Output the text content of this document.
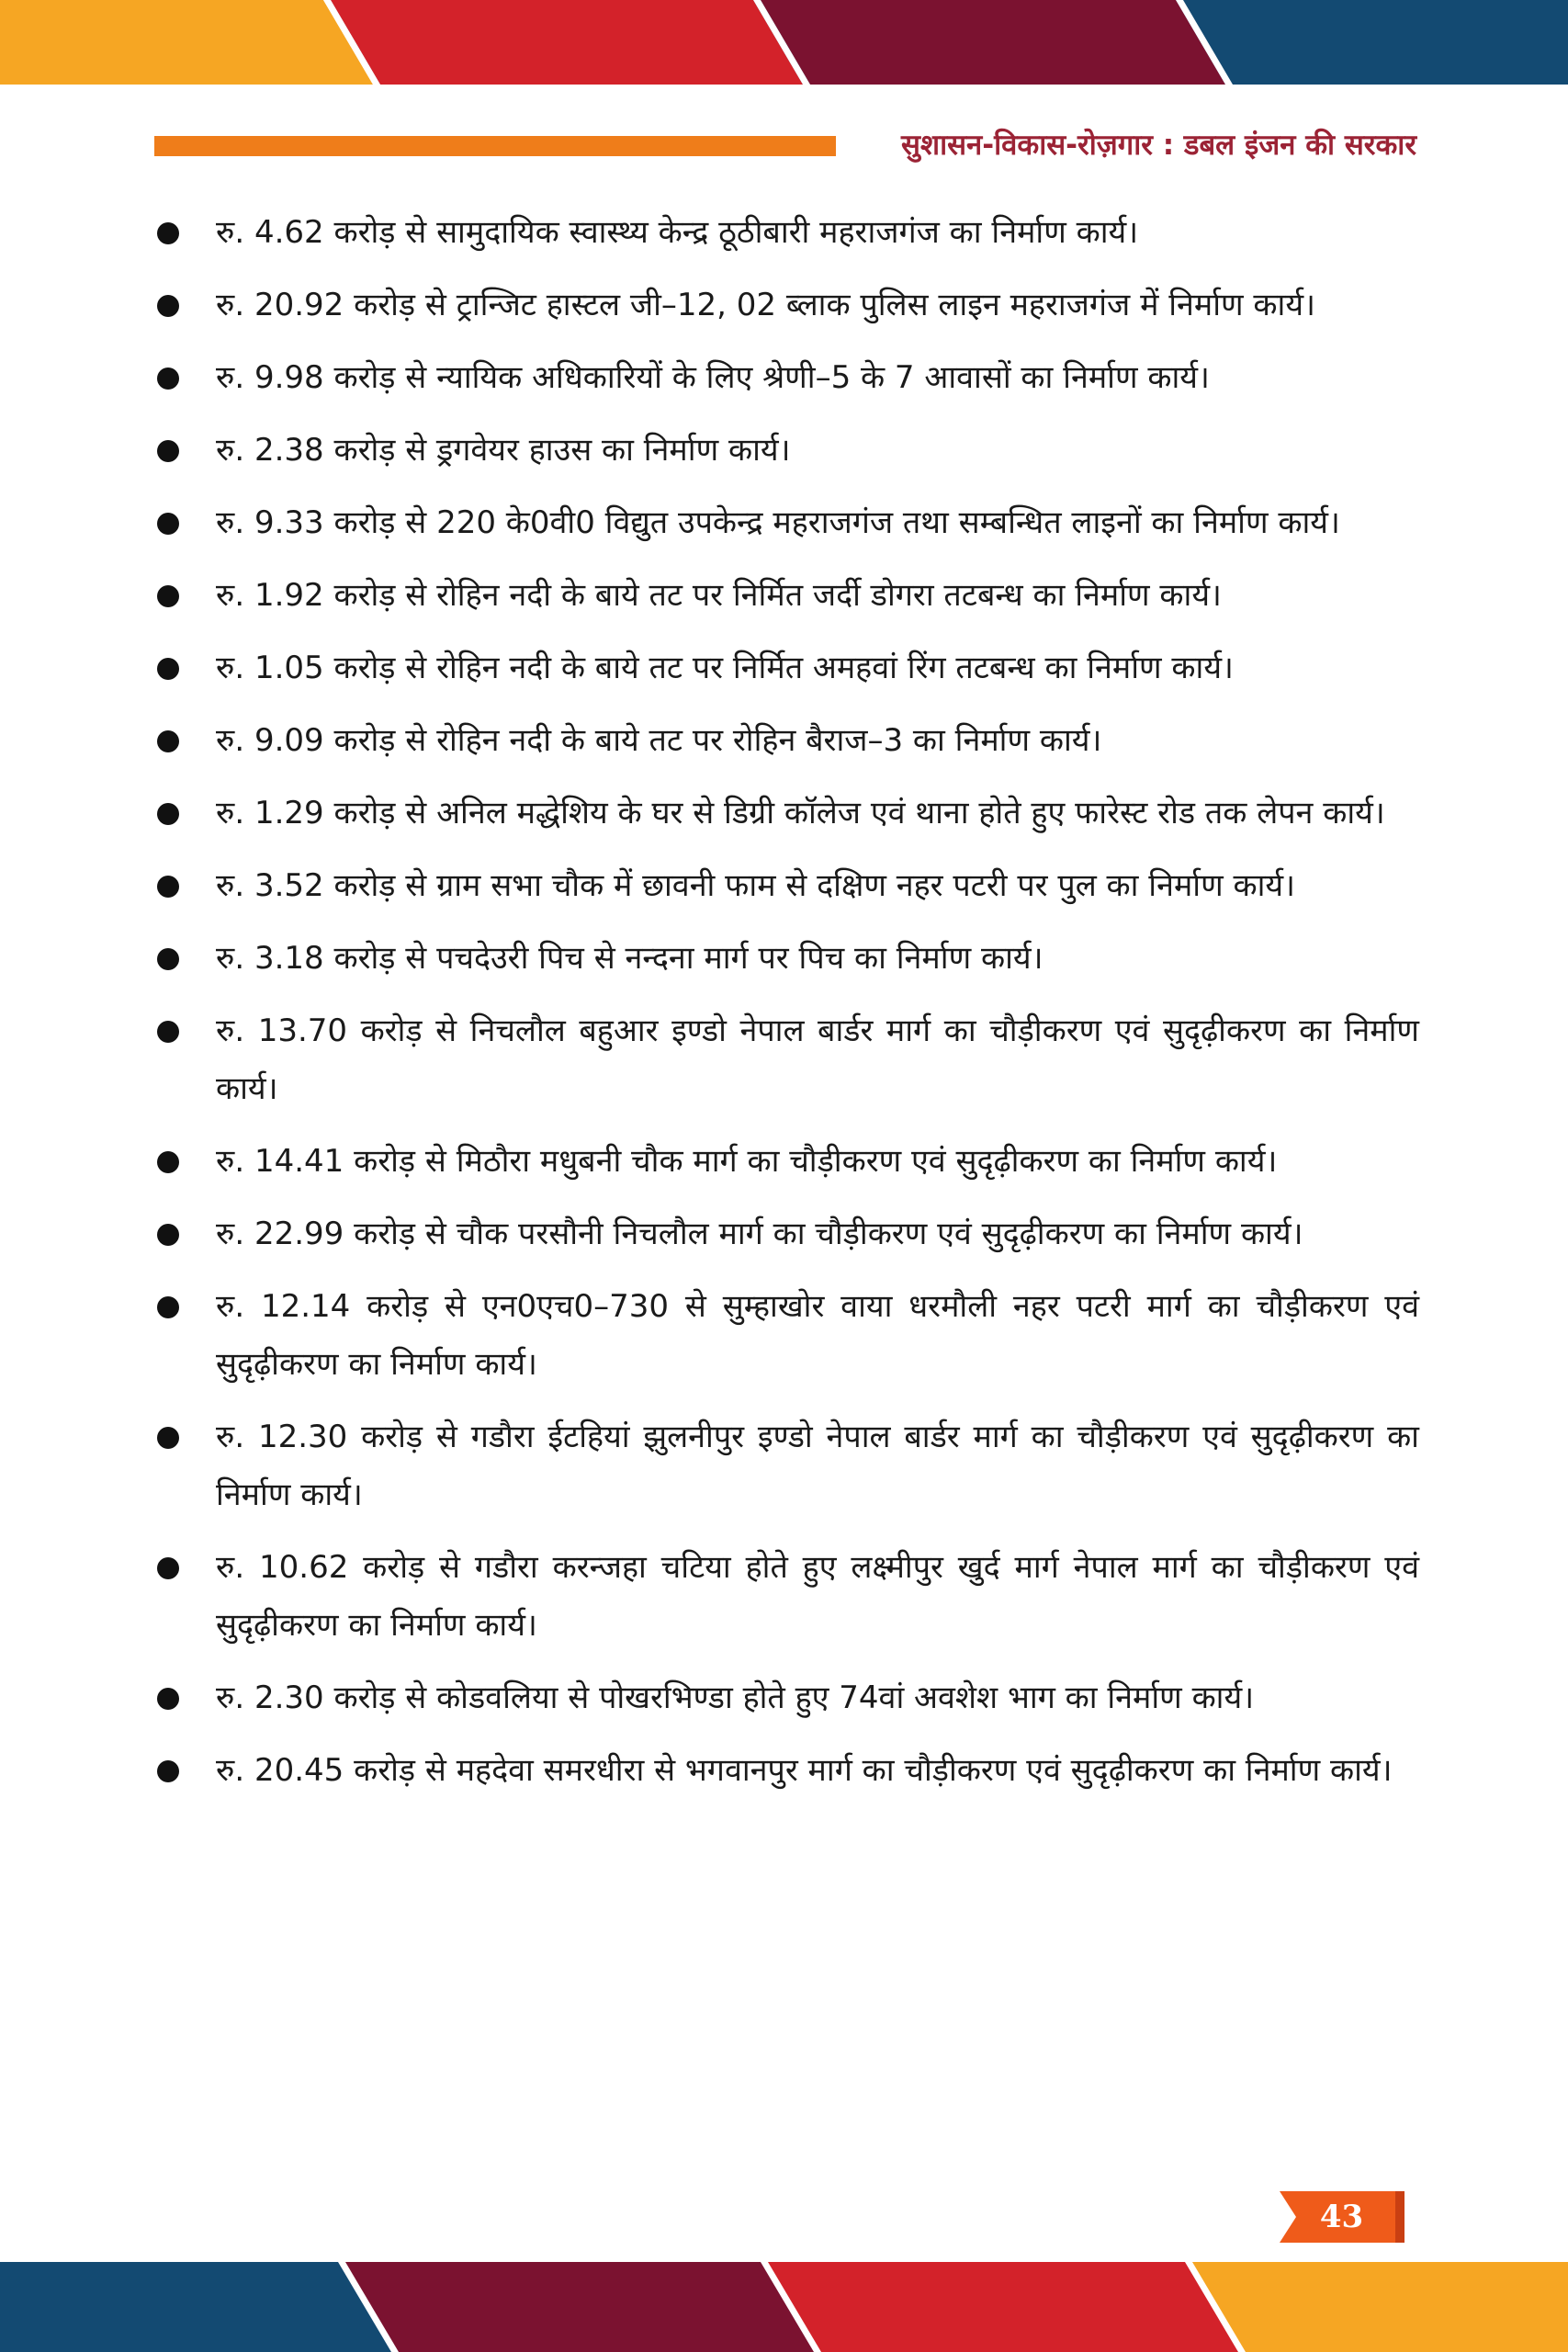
सुशासन-विकास-रोज़गार : डबल इंजन की सरकार
रु. 4.62 करोड़ से सामुदायिक स्वास्थ्य केन्द्र ठूठीबारी महराजगंज का निर्माण कार्य।
रु. 20.92 करोड़ से ट्रान्जिट हास्टल जी–12, 02 ब्लाक पुलिस लाइन महराजगंज में निर्माण कार्य।
रु. 9.98 करोड़ से न्यायिक अधिकारियों के लिए श्रेणी–5 के 7 आवासों का निर्माण कार्य।
रु. 2.38 करोड़ से ड्रगवेयर हाउस का निर्माण कार्य।
रु. 9.33 करोड़ से 220 के0वी0 विद्युत उपकेन्द्र महराजगंज तथा सम्बन्धित लाइनों का निर्माण कार्य।
रु. 1.92 करोड़ से रोहिन नदी के बाये तट पर निर्मित जर्दी डोगरा तटबन्ध का निर्माण कार्य।
रु. 1.05 करोड़ से रोहिन नदी के बाये तट पर निर्मित अमहवां रिंग तटबन्ध का निर्माण कार्य।
रु. 9.09 करोड़ से रोहिन नदी के बाये तट पर रोहिन बैराज–3 का निर्माण कार्य।
रु. 1.29 करोड़ से अनिल मद्धेशिय के घर से डिग्री कॉलेज एवं थाना होते हुए फारेस्ट रोड तक लेपन कार्य।
रु. 3.52 करोड़ से ग्राम सभा चौक में छावनी फाम से दक्षिण नहर पटरी पर पुल का निर्माण कार्य।
रु. 3.18 करोड़ से पचदेउरी पिच से नन्दना मार्ग पर पिच का निर्माण कार्य।
रु. 13.70 करोड़ से निचलौल बहुआर इण्डो नेपाल बार्डर मार्ग का चौड़ीकरण एवं सुदृढ़ीकरण का निर्माण कार्य।
रु. 14.41 करोड़ से मिठौरा मधुबनी चौक मार्ग का चौड़ीकरण एवं सुदृढ़ीकरण का निर्माण कार्य।
रु. 22.99 करोड़ से चौक परसौनी निचलौल मार्ग का चौड़ीकरण एवं सुदृढ़ीकरण का निर्माण कार्य।
रु. 12.14 करोड़ से एन0एच0–730 से सुम्हाखोर वाया धरमौली नहर पटरी मार्ग का चौड़ीकरण एवं सुदृढ़ीकरण का निर्माण कार्य।
रु. 12.30 करोड़ से गडौरा ईटहियां झुलनीपुर इण्डो नेपाल बार्डर मार्ग का चौड़ीकरण एवं सुदृढ़ीकरण का निर्माण कार्य।
रु. 10.62 करोड़ से गडौरा करन्जहा चटिया होते हुए लक्ष्मीपुर खुर्द मार्ग नेपाल मार्ग का चौड़ीकरण एवं सुदृढ़ीकरण का निर्माण कार्य।
रु. 2.30 करोड़ से कोडवलिया से पोखरभिण्डा होते हुए 74वां अवशेश भाग का निर्माण कार्य।
रु. 20.45 करोड़ से महदेवा समरधीरा से भगवानपुर मार्ग का चौड़ीकरण एवं सुदृढ़ीकरण का निर्माण कार्य।
43
